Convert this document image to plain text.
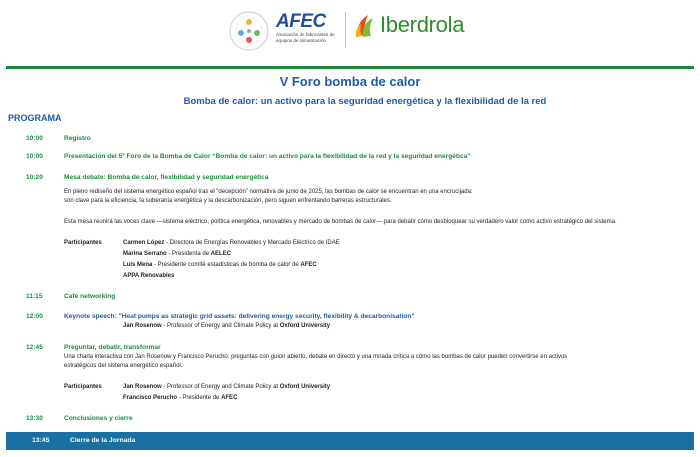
AFEC
Asociación de fabricantes de equipos de climatización
Iberdrola
V Foro bomba de calor
Bomba de calor: un activo para la seguridad energética y la flexibilidad de la red
PROGRAMA
10:00	Registro
10:00	Presentación del 5º Foro de la Bomba de Calor “Bomba de calor: un activo para la flexibilidad de la red y la seguridad energética”
10:20	Mesa debate: Bomba de calor, flexibilidad y seguridad energética
En pleno rediseño del sistema energético español tras el “decepción” normativa de junio de 2025, las bombas de calor se encuentran en una encrucijada:
son clave para la eficiencia, la soberanía energética y la descarbonización, pero siguen enfrentando barreras estructurales.
Esta mesa reunirá las voces clave —sistema eléctrico, política energética, renovables y mercado de bombas de calor— para debatir cómo desbloquear su verdadero valor como activo estratégico del sistema.
Participantes	Carmen López - Directora de Energías Renovables y Mercado Eléctrico de IDAE
Marina Serrano - Presidenta de AELEC
Luis Mena - Presidente comité estadísticas de bomba de calor de AFEC
APPA Renovables
11:15	Café networking
12:00	Keynote speech: "Heat pumps as strategic grid assets: delivering energy security, flexibility & decarbonisation"
Jan Rosenow - Professor of Energy and Climate Policy at Oxford University
12:45	Preguntar, debatir, transformar
Una charla interactiva con Jan Rosenow y Francisco Perucho: preguntas con guion abierto, debate en directo y una mirada crítica a cómo las bombas de calor pueden convertirse en activos
estratégicos del sistema energético español.
Participantes	Jan Rosenow - Professor of Energy and Climate Policy at Oxford University
Francisco Perucho - Presidente de AFEC
13:30	Conclusiones y cierre
13:45	Cierre de la Jornada
